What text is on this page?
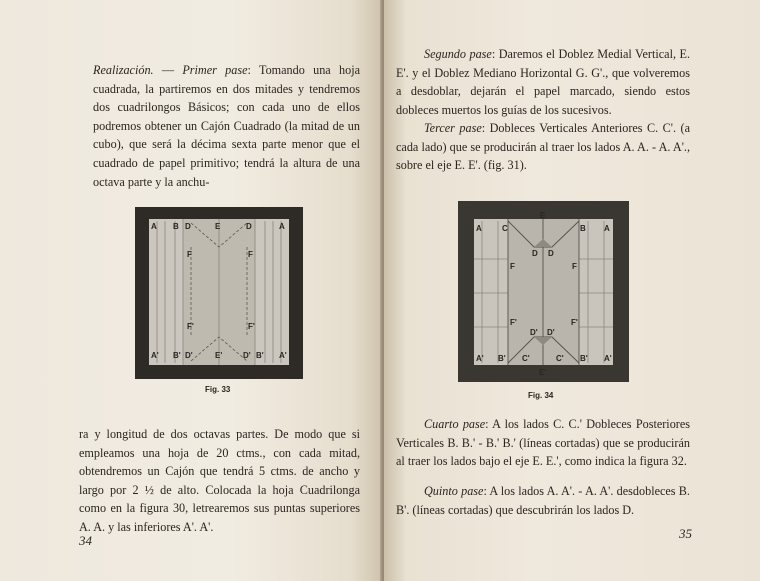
Realización. — Primer pase: Tomando una hoja cuadrada, la partiremos en dos mitades y tendremos dos cuadrilongos Básicos; con cada uno de ellos podremos obtener un Cajón Cuadrado (la mitad de un cubo), que será la décima sexta parte menor que el cuadrado de papel primitivo; tendrá la altura de una octava parte y la anchu-

A B D	E	D	A
F	F
F'	F'
A' B' D'	E'	D' B' A'
Fig. 33

ra y longitud de dos octavas partes. De modo que si empleamos una hoja de 20 ctms., con cada mitad, obtendremos un Cajón que tendrá 5 ctms. de ancho y largo por 2 ½ de alto. Colocada la hoja Cuadrilonga como en la figura 30, letrearemos sus puntas superiores A. A. y las inferiores A'. A'.

34

Segundo pase: Daremos el Doblez Medial Vertical, E. E'. y el Doblez Mediano Horizontal G. G'., que volveremos a desdoblar, dejarán el papel marcado, siendo estos dobleces muertos los guías de los sucesivos.

Tercer pase: Dobleces Verticales Anteriores C. C'. (a cada lado) que se producirán al traer los lados A. A. - A. A'., sobre el eje E. E'. (fig. 31).

A	C
E
B A
D D
F	F
F'	F'
D' D'
A' B' C'
E'
C' B' A'
Fig. 34

Cuarto pase: A los lados C. C.' Dobleces Posteriores Verticales B. B.' - B.' B.' (líneas cortadas) que se producirán al traer los lados bajo el eje E. E.', como indica la figura 32.

Quinto pase: A los lados A. A'. - A. A'. desdobleces B. B'. (líneas cortadas) que descubrirán los lados D.

35
